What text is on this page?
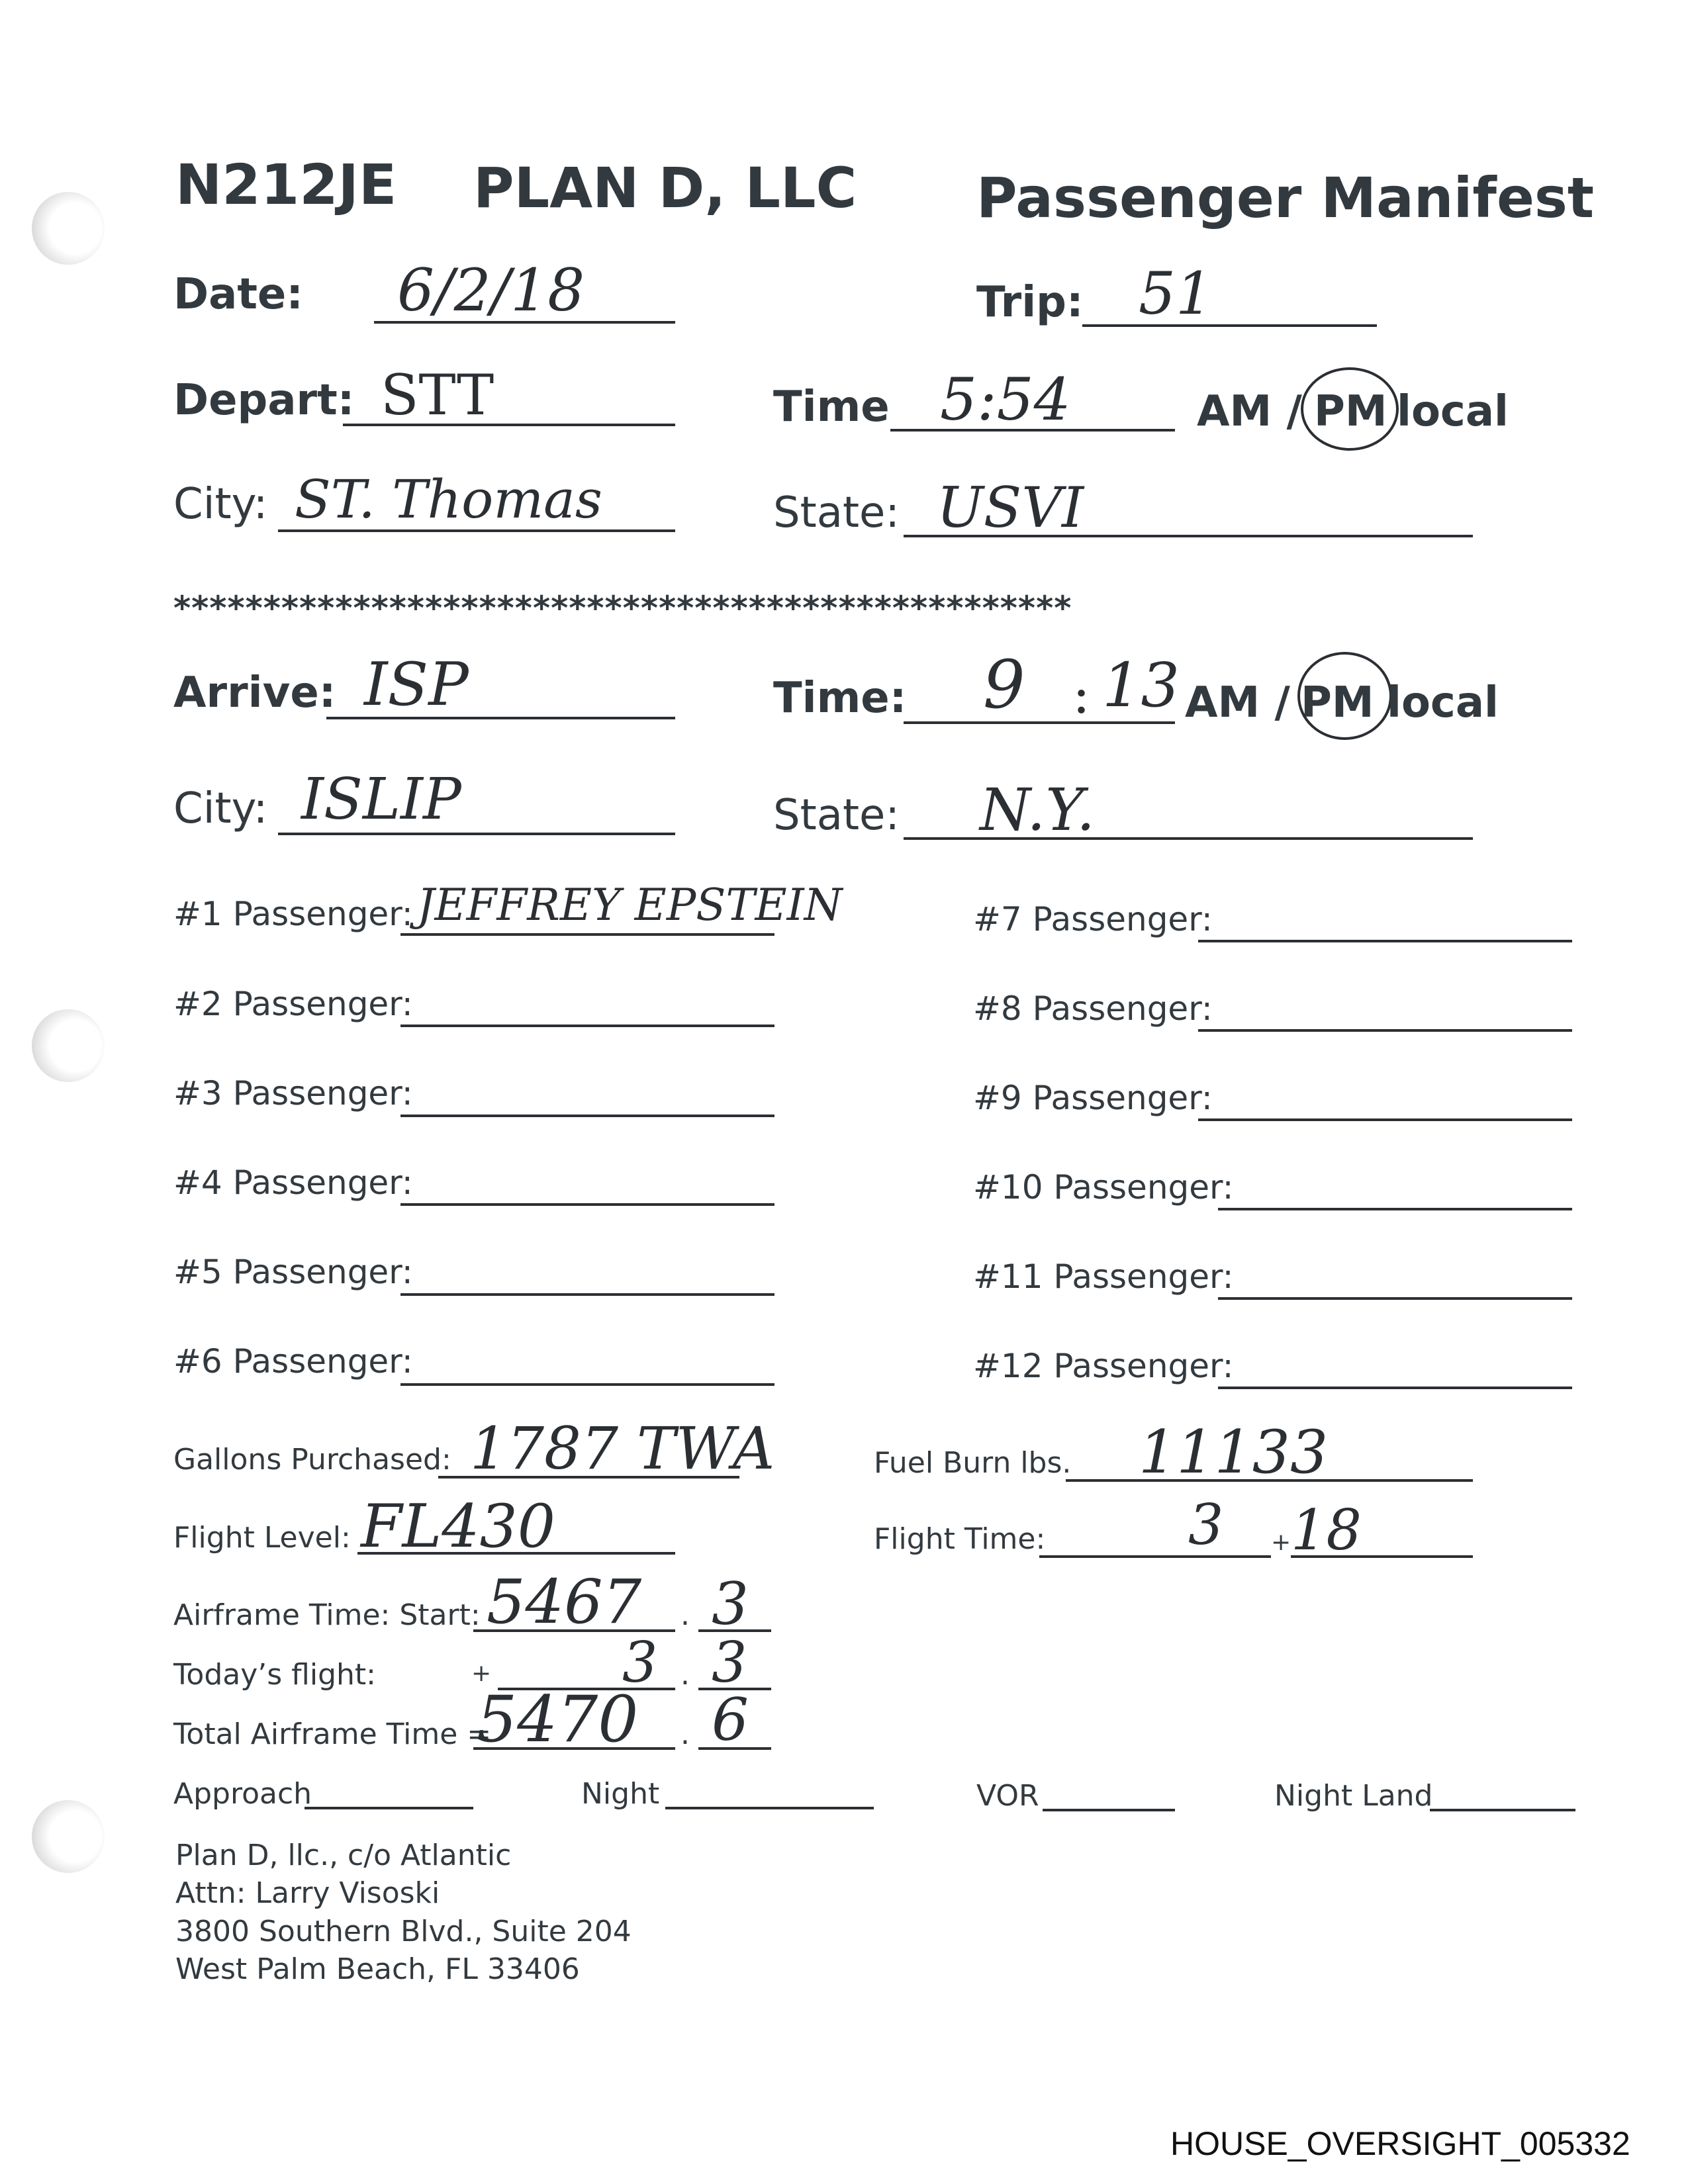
N212JE PLAN D, LLC Passenger Manifest
Date: 6/2/18	Trip: 51
Depart: STT	Time 5:54	AM / PM local
City: ST. Thomas	State: USVI
**************************************************
Arrive: ISP	Time: 9 : 13 AM / PM local
City: ISLIP	State: N.Y.
#1 Passenger: JEFFREY EPSTEIN
#2 Passenger:
#3 Passenger:
#4 Passenger:
#5 Passenger:
#6 Passenger:
#7 Passenger:
#8 Passenger:
#9 Passenger:
#10 Passenger:
#11 Passenger:
#12 Passenger:
Gallons Purchased: 1787 TWA	Fuel Burn lbs. 11133
Flight Level: FL430	Flight Time:	3 + 18
Airframe Time: Start: 5467 . 3
Today’s flight:	+ 3 . 3
Total Airframe Time =
5470 . 6
Approach	Night	VOR	Night Land
Plan D, llc., c/o Atlantic
Attn: Larry Visoski
3800 Southern Blvd., Suite 204
West Palm Beach, FL 33406
HOUSE_OVERSIGHT_005332
